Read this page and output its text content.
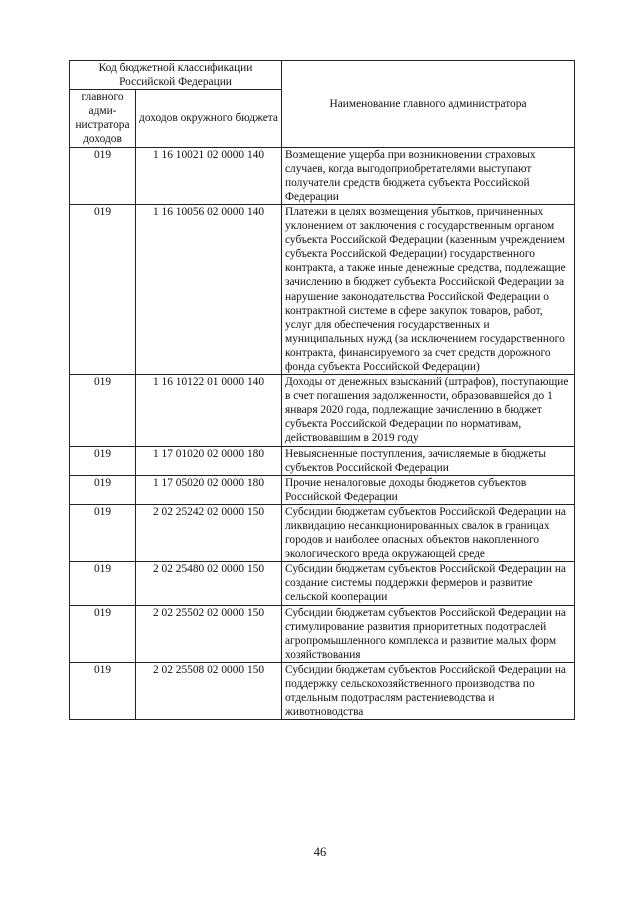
Код бюджетной классификации Российской Федерации		Наименование главного администратора
главного адми-нистратора доходов	доходов окружного бюджета	
019	1 16 10021 02 0000 140	Возмещение ущерба при возникновении страховых случаев, когда выгодоприобретателями выступают получатели средств бюджета субъекта Российской Федерации
019	1 16 10056 02 0000 140	Платежи в целях возмещения убытков, причиненных уклонением от заключения с государственным органом субъекта Российской Федерации (казенным учреждением субъекта Российской Федерации) государственного контракта, а также иные денежные средства, подлежащие зачислению в бюджет субъекта Российской Федерации за нарушение законодательства Российской Федерации о контрактной системе в сфере закупок товаров, работ, услуг для обеспечения государственных и муниципальных нужд (за исключением государственного контракта, финансируемого за счет средств дорожного фонда субъекта Российской Федерации)
019	1 16 10122 01 0000 140	Доходы от денежных взысканий (штрафов), поступающие в счет погашения задолженности, образовавшейся до 1 января 2020 года, подлежащие зачислению в бюджет субъекта Российской Федерации по нормативам, действовавшим в 2019 году
019	1 17 01020 02 0000 180	Невыясненные поступления, зачисляемые в бюджеты субъектов Российской Федерации
019	1 17 05020 02 0000 180	Прочие неналоговые доходы бюджетов субъектов Российской Федерации
019	2 02 25242 02 0000 150	Субсидии бюджетам субъектов Российской Федерации на ликвидацию несанкционированных свалок в границах городов и наиболее опасных объектов накопленного экологического вреда окружающей среде
019	2 02 25480 02 0000 150	Субсидии бюджетам субъектов Российской Федерации на создание системы поддержки фермеров и развитие сельской кооперации
019	2 02 25502 02 0000 150	Субсидии бюджетам субъектов Российской Федерации на стимулирование развития приоритетных подотраслей агропромышленного комплекса и развитие малых форм хозяйствования
019	2 02 25508 02 0000 150	Субсидии бюджетам субъектов Российской Федерации на поддержку сельскохозяйственного производства по отдельным подотраслям растениеводства и животноводства
46
